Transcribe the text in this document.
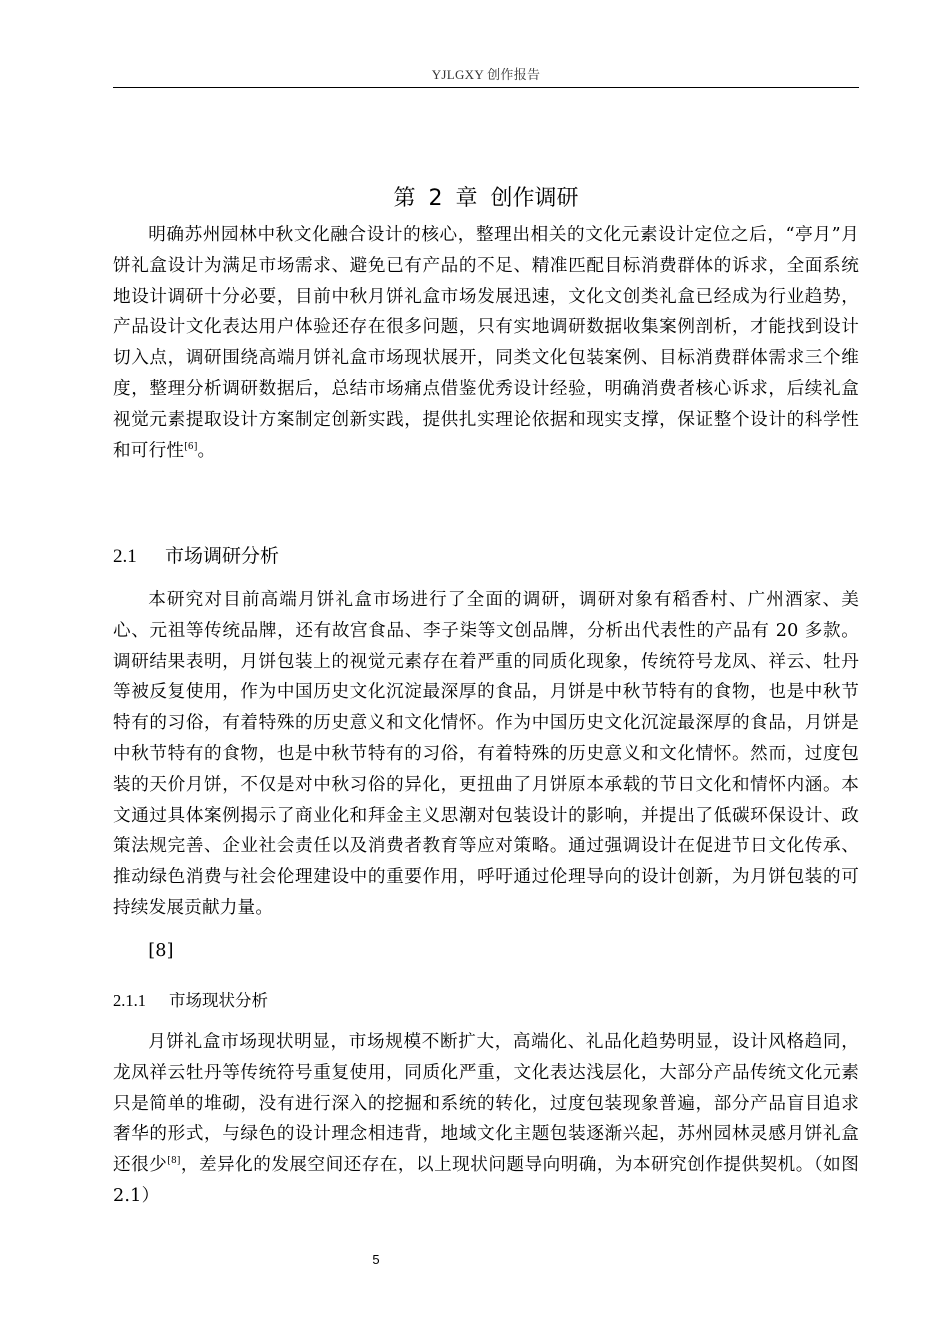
YJLGXY 创作报告
第 2 章 创作调研

明确苏州园林中秋文化融合设计的核心，整理出相关的文化元素设计定位之后，“亭月”月饼礼盒设计为满足市场需求、避免已有产品的不足、精准匹配目标消费群体的诉求，全面系统地设计调研十分必要，目前中秋月饼礼盒市场发展迅速，文化文创类礼盒已经成为行业趋势，产品设计文化表达用户体验还存在很多问题，只有实地调研数据收集案例剖析，才能找到设计切入点，调研围绕高端月饼礼盒市场现状展开，同类文化包装案例、目标消费群体需求三个维度，整理分析调研数据后，总结市场痛点借鉴优秀设计经验，明确消费者核心诉求，后续礼盒视觉元素提取设计方案制定创新实践，提供扎实理论依据和现实支撑，保证整个设计的科学性和可行性[6]。

2.1 市场调研分析

本研究对目前高端月饼礼盒市场进行了全面的调研，调研对象有稻香村、广州酒家、美心、元祖等传统品牌，还有故宫食品、李子柒等文创品牌，分析出代表性的产品有 20 多款。调研结果表明，月饼包装上的视觉元素存在着严重的同质化现象，传统符号龙凤、祥云、牡丹等被反复使用，作为中国历史文化沉淀最深厚的食品，月饼是中秋节特有的食物，也是中秋节特有的习俗，有着特殊的历史意义和文化情怀。作为中国历史文化沉淀最深厚的食品，月饼是中秋节特有的食物，也是中秋节特有的习俗，有着特殊的历史意义和文化情怀。然而，过度包装的天价月饼，不仅是对中秋习俗的异化，更扭曲了月饼原本承载的节日文化和情怀内涵。本文通过具体案例揭示了商业化和拜金主义思潮对包装设计的影响，并提出了低碳环保设计、政策法规完善、企业社会责任以及消费者教育等应对策略。通过强调设计在促进节日文化传承、推动绿色消费与社会伦理建设中的重要作用，呼吁通过伦理导向的设计创新，为月饼包装的可持续发展贡献力量。

[8]

2.1.1 市场现状分析

月饼礼盒市场现状明显，市场规模不断扩大，高端化、礼品化趋势明显，设计风格趋同，龙凤祥云牡丹等传统符号重复使用，同质化严重，文化表达浅层化，大部分产品传统文化元素只是简单的堆砌，没有进行深入的挖掘和系统的转化，过度包装现象普遍，部分产品盲目追求奢华的形式，与绿色的设计理念相违背，地域文化主题包装逐渐兴起，苏州园林灵感月饼礼盒还很少[8]，差异化的发展空间还存在，以上现状问题导向明确，为本研究创作提供契机。（如图 2.1）

5
